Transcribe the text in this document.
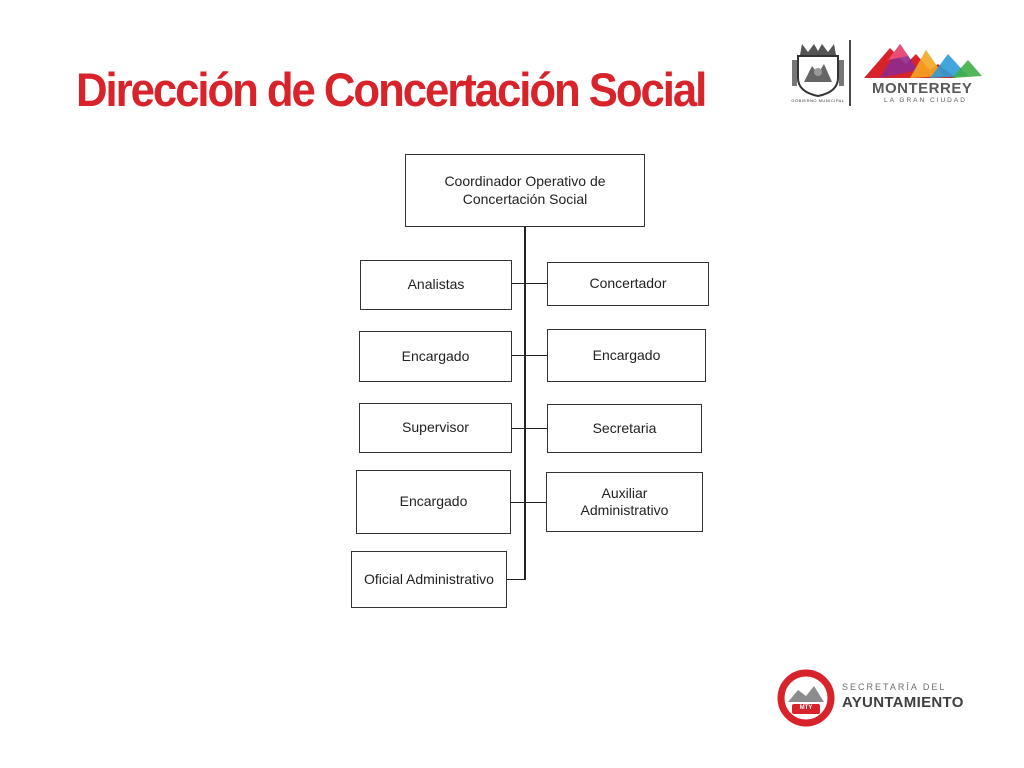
Dirección de Concertación Social	GOBIERNO MUNICIPAL
MONTERREY
LA GRAN CIUDAD
Coordinador Operativo de Concertación Social
Analistas
Encargado
Supervisor
Encargado
Oficial Administrativo
Concertador
Encargado
Secretaria
Auxiliar Administrativo
MTY
SECRETARÍA DEL
AYUNTAMIENTO
